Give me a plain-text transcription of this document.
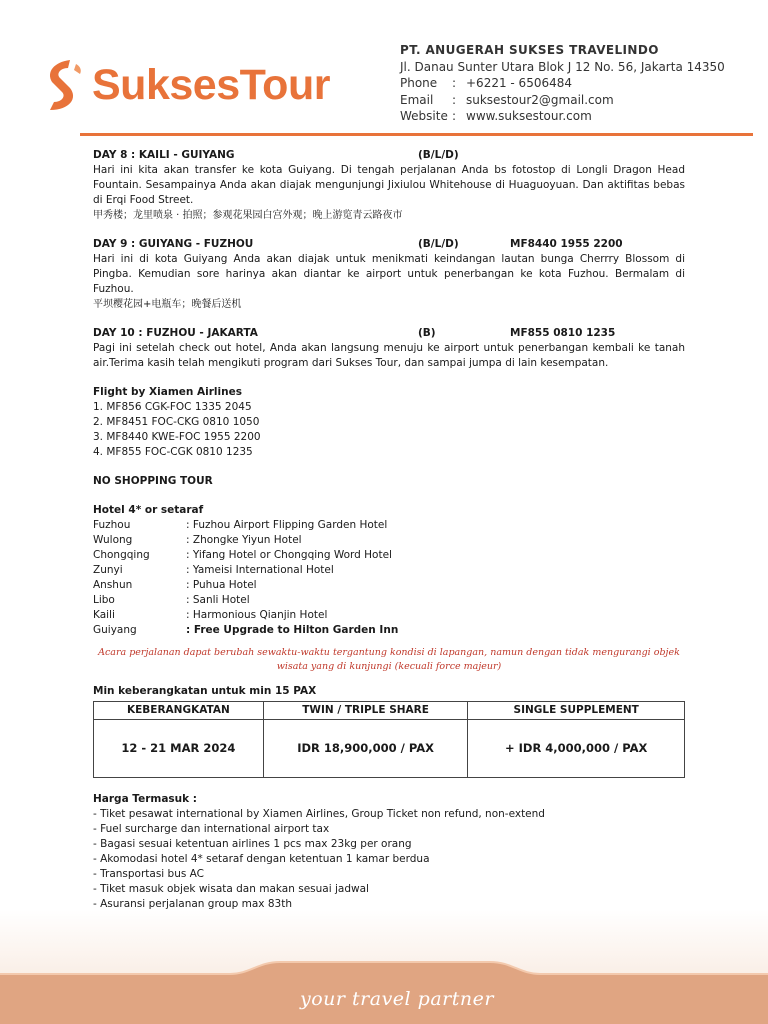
SuksesTour
PT. ANUGERAH SUKSES TRAVELINDO
Jl. Danau Sunter Utara Blok J 12 No. 56, Jakarta 14350
Phone	: +6221 - 6506484
Email	: suksestour2@gmail.com
Website : www.suksestour.com
DAY 8 : KAILI - GUIYANG	(B/L/D)
Hari ini kita akan transfer ke kota Guiyang. Di tengah perjalanan Anda bs fotostop di Longli Dragon Head Fountain. Sesampainya Anda akan diajak mengunjungi Jixiulou Whitehouse di Huaguoyuan. Dan aktifitas bebas di Erqi Food Street.
甲秀楼；龙里喷泉 · 拍照；参观花果园白宫外观；晚上游览青云路夜市
DAY 9 : GUIYANG - FUZHOU	(B/L/D)	MF8440 1955 2200
Hari ini di kota Guiyang Anda akan diajak untuk menikmati keindangan lautan bunga Cherrry Blossom di Pingba. Kemudian sore harinya akan diantar ke airport untuk penerbangan ke kota Fuzhou. Bermalam di Fuzhou.
平坝樱花园+电瓶车；晚餐后送机
DAY 10 : FUZHOU - JAKARTA	(B)	MF855 0810 1235
Pagi ini setelah check out hotel, Anda akan langsung menuju ke airport untuk penerbangan kembali ke tanah air.Terima kasih telah mengikuti program dari Sukses Tour, dan sampai jumpa di lain kesempatan.
Flight by Xiamen Airlines
1. MF856 CGK-FOC 1335 2045
2. MF8451 FOC-CKG 0810 1050
3. MF8440 KWE-FOC 1955 2200
4. MF855 FOC-CGK 0810 1235
NO SHOPPING TOUR
Hotel 4* or setaraf
Fuzhou	: Fuzhou Airport Flipping Garden Hotel
Wulong	: Zhongke Yiyun Hotel
Chongqing	: Yifang Hotel or Chongqing Word Hotel
Zunyi	: Yameisi International Hotel
Anshun	: Puhua Hotel
Libo	: Sanli Hotel
Kaili	: Harmonious Qianjin Hotel
Guiyang	: Free Upgrade to Hilton Garden Inn
Acara perjalanan dapat berubah sewaktu-waktu tergantung kondisi di lapangan, namun dengan tidak mengurangi objek
wisata yang di kunjungi (kecuali force majeur)
Min keberangkatan untuk min 15 PAX
KEBERANGKATAN	TWIN / TRIPLE SHARE	SINGLE SUPPLEMENT
12 - 21 MAR 2024	IDR 18,900,000 / PAX	+ IDR 4,000,000 / PAX
Harga Termasuk :
- Tiket pesawat international by Xiamen Airlines, Group Ticket non refund, non-extend
- Fuel surcharge dan international airport tax
- Bagasi sesuai ketentuan airlines 1 pcs max 23kg per orang
- Akomodasi hotel 4* setaraf dengan ketentuan 1 kamar berdua
- Transportasi bus AC
- Tiket masuk objek wisata dan makan sesuai jadwal
- Asuransi perjalanan group max 83th
your travel partner
